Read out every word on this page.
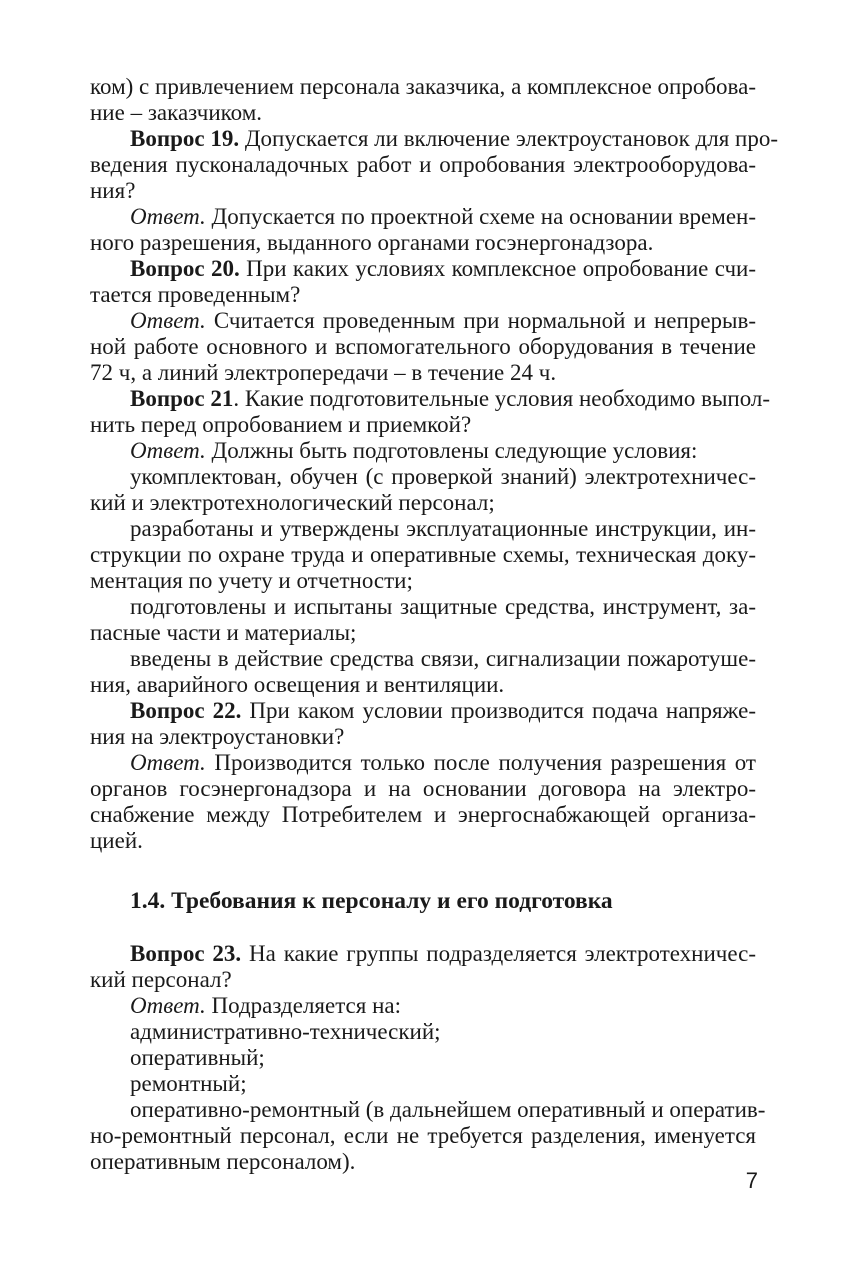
ком) с привлечением персонала заказчика, а комплексное опробова-
ние – заказчиком.
Вопрос 19. Допускается ли включение электроустановок для про-
ведения пусконаладочных работ и опробования электрооборудова-
ния?
Ответ. Допускается по проектной схеме на основании времен-
ного разрешения, выданного органами госэнергонадзора.
Вопрос 20. При каких условиях комплексное опробование счи-
тается проведенным?
Ответ. Считается проведенным при нормальной и непрерыв-
ной работе основного и вспомогательного оборудования в течение
72 ч, а линий электропередачи – в течение 24 ч.
Вопрос 21. Какие подготовительные условия необходимо выпол-
нить перед опробованием и приемкой?
Ответ. Должны быть подготовлены следующие условия:
укомплектован, обучен (с проверкой знаний) электротехничес-
кий и электротехнологический персонал;
разработаны и утверждены эксплуатационные инструкции, ин-
струкции по охране труда и оперативные схемы, техническая доку-
ментация по учету и отчетности;
подготовлены и испытаны защитные средства, инструмент, за-
пасные части и материалы;
введены в действие средства связи, сигнализации пожаротуше-
ния, аварийного освещения и вентиляции.
Вопрос 22. При каком условии производится подача напряже-
ния на электроустановки?
Ответ. Производится только после получения разрешения от
органов госэнергонадзора и на основании договора на электро-
снабжение между Потребителем и энергоснабжающей организа-
цией.
1.4. Требования к персоналу и его подготовка
Вопрос 23. На какие группы подразделяется электротехничес-
кий персонал?
Ответ. Подразделяется на:
административно-технический;
оперативный;
ремонтный;
оперативно-ремонтный (в дальнейшем оперативный и оператив-
но-ремонтный персонал, если не требуется разделения, именуется
оперативным персоналом).
7
